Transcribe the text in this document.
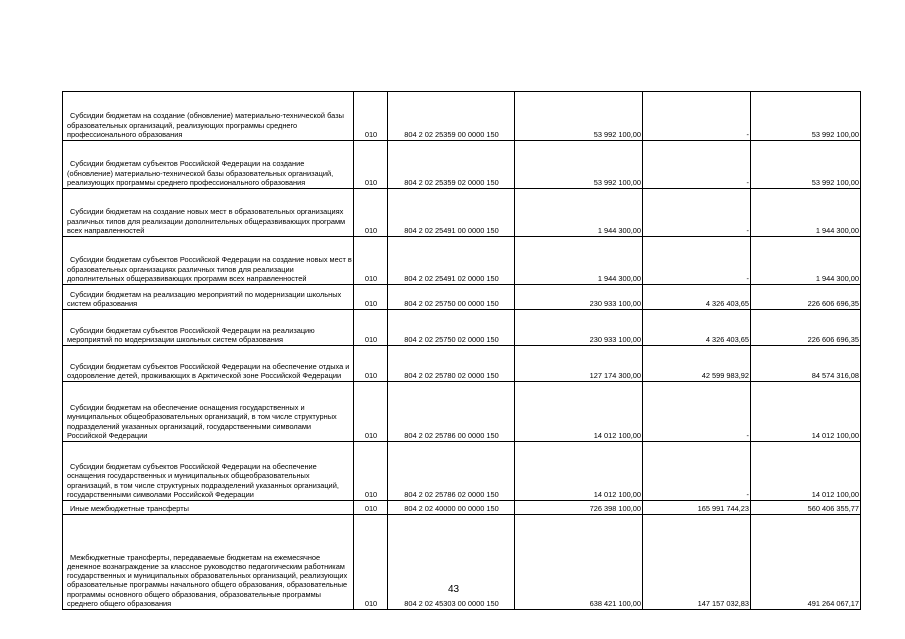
Субсидии бюджетам на создание (обновление) материально-технической базы образовательных организаций, реализующих программы среднего профессионального образования	010	804 2 02 25359 00 0000 150	53 992 100,00	-	53 992 100,00
Субсидии бюджетам субъектов Российской Федерации на создание (обновление) материально-технической базы образовательных организаций, реализующих программы среднего профессионального образования	010	804 2 02 25359 02 0000 150	53 992 100,00	-	53 992 100,00
Субсидии бюджетам на создание новых мест в образовательных организациях различных типов для реализации дополнительных общеразвивающих программ всех направленностей	010	804 2 02 25491 00 0000 150	1 944 300,00	-	1 944 300,00
Субсидии бюджетам субъектов Российской Федерации на создание новых мест в образовательных организациях различных типов для реализации дополнительных общеразвивающих программ всех направленностей	010	804 2 02 25491 02 0000 150	1 944 300,00	-	1 944 300,00
Субсидии бюджетам на реализацию мероприятий по модернизации школьных систем образования	010	804 2 02 25750 00 0000 150	230 933 100,00	4 326 403,65	226 606 696,35
Субсидии бюджетам субъектов Российской Федерации на реализацию мероприятий по модернизации школьных систем образования	010	804 2 02 25750 02 0000 150	230 933 100,00	4 326 403,65	226 606 696,35
Субсидии бюджетам субъектов Российской Федерации на обеспечение отдыха и оздоровление детей, проживающих в Арктической зоне Российской Федерации	010	804 2 02 25780 02 0000 150	127 174 300,00	42 599 983,92	84 574 316,08
Субсидии бюджетам на обеспечение оснащения государственных и муниципальных общеобразовательных организаций, в том числе структурных подразделений указанных организаций, государственными символами Российской Федерации	010	804 2 02 25786 00 0000 150	14 012 100,00	-	14 012 100,00
Субсидии бюджетам субъектов Российской Федерации на обеспечение оснащения государственных и муниципальных общеобразовательных организаций, в том числе структурных подразделений указанных организаций, государственными символами Российской Федерации	010	804 2 02 25786 02 0000 150	14 012 100,00	-	14 012 100,00
Иные межбюджетные трансферты	010	804 2 02 40000 00 0000 150	726 398 100,00	165 991 744,23	560 406 355,77
Межбюджетные трансферты, передаваемые бюджетам на ежемесячное денежное вознаграждение за классное руководство педагогическим работникам государственных и муниципальных образовательных организаций, реализующих образовательные программы начального общего образования, образовательные программы основного общего образования, образовательные программы среднего общего образования	010	804 2 02 45303 00 0000 150	638 421 100,00	147 157 032,83	491 264 067,17
43
